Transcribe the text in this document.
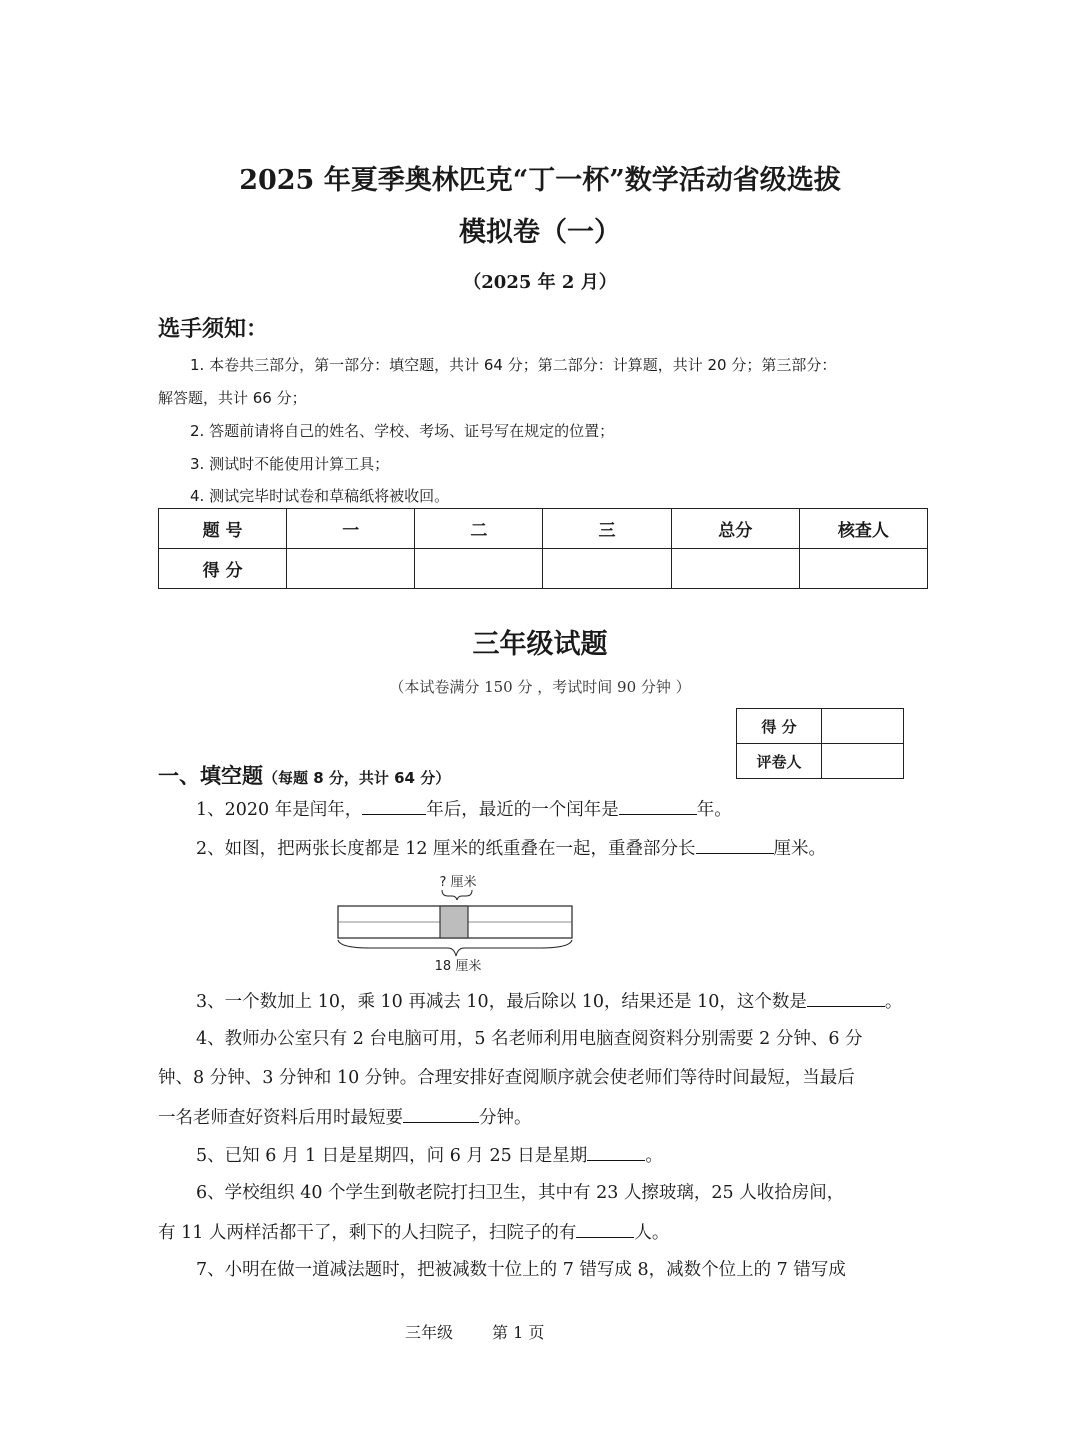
2025 年夏季奥林匹克“丁一杯”数学活动省级选拔
模拟卷（一）
（2025 年 2 月）
选手须知：
1. 本卷共三部分，第一部分：填空题，共计 64 分；第二部分：计算题，共计 20 分；第三部分：
解答题，共计 66 分；
2. 答题前请将自己的姓名、学校、考场、证号写在规定的位置；
3. 测试时不能使用计算工具；
4. 测试完毕时试卷和草稿纸将被收回。
题 号	一	二	三	总分	核查人
得 分					
三年级试题
（本试卷满分 150 分 ，考试时间 90 分钟 ）
得 分	
评卷人	
一、填空题（每题 8 分，共计 64 分）
1、2020 年是闰年，	年后，最近的一个闰年是	年。
2、如图，把两张长度都是 12 厘米的纸重叠在一起，重叠部分长	厘米。
? 厘米
18 厘米
3、一个数加上 10，乘 10 再减去 10，最后除以 10，结果还是 10，这个数是	。
4、教师办公室只有 2 台电脑可用，5 名老师利用电脑查阅资料分别需要 2 分钟、6 分
钟、8 分钟、3 分钟和 10 分钟。合理安排好查阅顺序就会使老师们等待时间最短，当最后
一名老师查好资料后用时最短要	分钟。
5、已知 6 月 1 日是星期四，问 6 月 25 日是星期	。
6、学校组织 40 个学生到敬老院打扫卫生，其中有 23 人擦玻璃，25 人收拾房间，
有 11 人两样活都干了，剩下的人扫院子，扫院子的有	人。
7、小明在做一道减法题时，把被减数十位上的 7 错写成 8，减数个位上的 7 错写成
三年级 第 1 页
